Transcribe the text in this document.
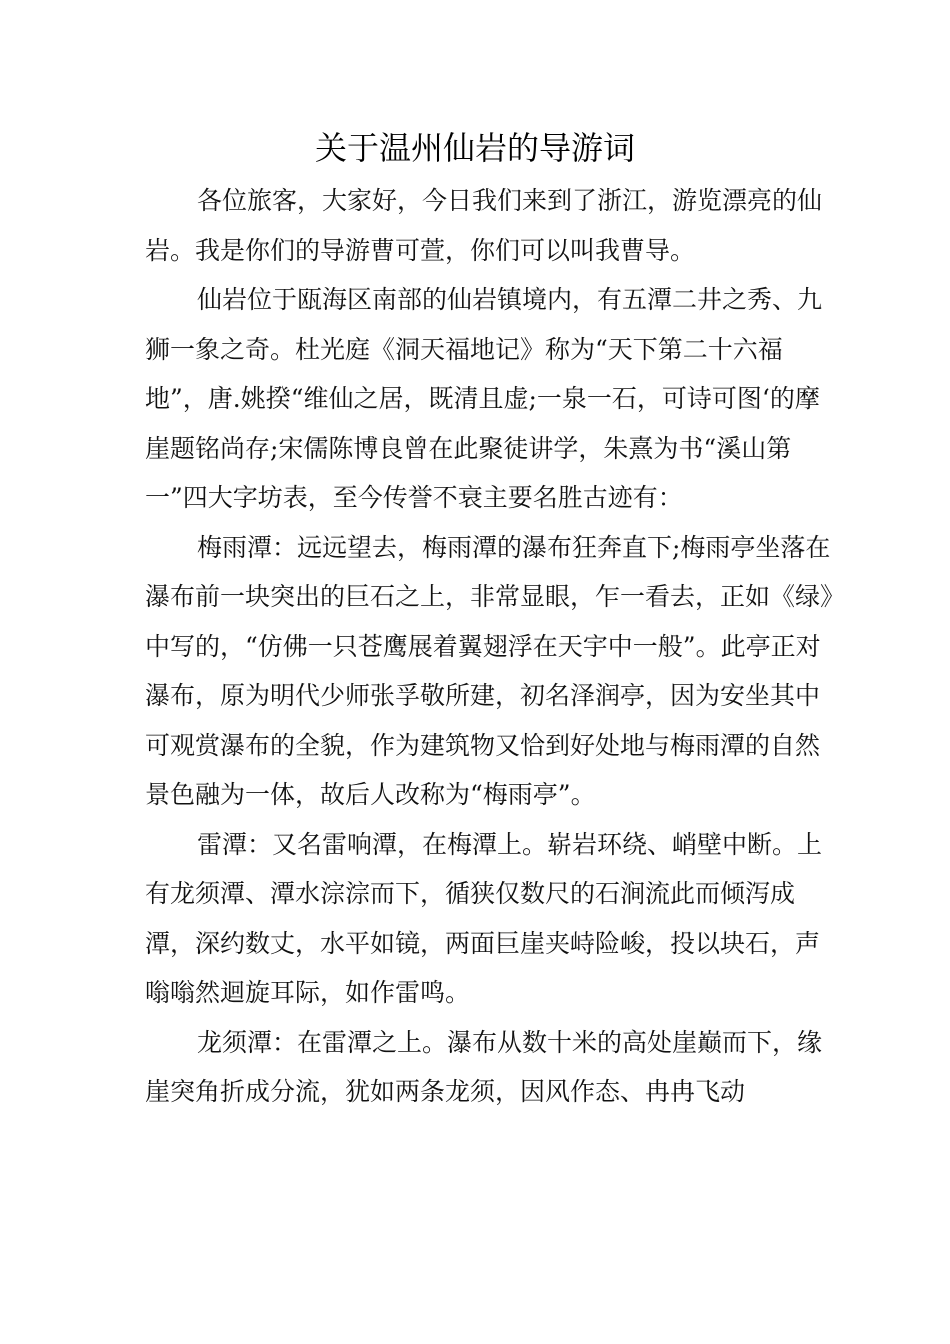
关于温州仙岩的导游词

各位旅客，大家好，今日我们来到了浙江，游览漂亮的仙岩。我是你们的导游曹可萱，你们可以叫我曹导。

仙岩位于瓯海区南部的仙岩镇境内，有五潭二井之秀、九狮一象之奇。杜光庭《洞天福地记》称为“天下第二十六福地”，唐.姚揆“维仙之居，既清且虚;一泉一石，可诗可图‘的摩崖题铭尚存;宋儒陈博良曾在此聚徒讲学，朱熹为书“溪山第一”四大字坊表，至今传誉不衰主要名胜古迹有：

梅雨潭：远远望去，梅雨潭的瀑布狂奔直下;梅雨亭坐落在瀑布前一块突出的巨石之上，非常显眼，乍一看去，正如《绿》中写的，“仿佛一只苍鹰展着翼翅浮在天宇中一般”。此亭正对瀑布，原为明代少师张孚敬所建，初名泽润亭，因为安坐其中可观赏瀑布的全貌，作为建筑物又恰到好处地与梅雨潭的自然景色融为一体，故后人改称为“梅雨亭”。

雷潭：又名雷响潭，在梅潭上。崭岩环绕、峭壁中断。上有龙须潭、潭水淙淙而下，循狭仅数尺的石涧流此而倾泻成潭，深约数丈，水平如镜，两面巨崖夹峙险峻，投以块石，声嗡嗡然迴旋耳际，如作雷鸣。

龙须潭：在雷潭之上。瀑布从数十米的高处崖巅而下，缘崖突角折成分流，犹如两条龙须，因风作态、冉冉飞动
